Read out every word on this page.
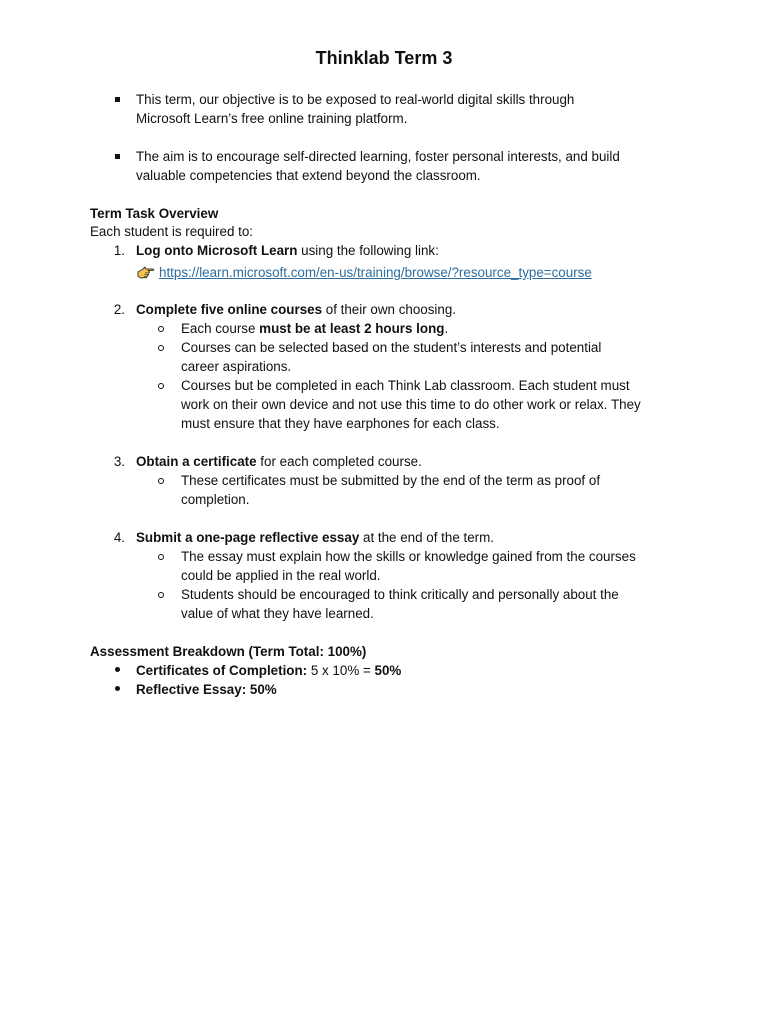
Thinklab Term 3
This term, our objective is to be exposed to real-world digital skills through
Microsoft Learn’s free online training platform.
The aim is to encourage self-directed learning, foster personal interests, and build
valuable competencies that extend beyond the classroom.
Term Task Overview
Each student is required to:
1. Log onto Microsoft Learn using the following link:
https://learn.microsoft.com/en-us/training/browse/?resource_type=course
2. Complete five online courses of their own choosing.
Each course must be at least 2 hours long.
Courses can be selected based on the student’s interests and potential
career aspirations.
Courses but be completed in each Think Lab classroom. Each student must
work on their own device and not use this time to do other work or relax. They
must ensure that they have earphones for each class.
3. Obtain a certificate for each completed course.
These certificates must be submitted by the end of the term as proof of
completion.
4. Submit a one-page reflective essay at the end of the term.
The essay must explain how the skills or knowledge gained from the courses
could be applied in the real world.
Students should be encouraged to think critically and personally about the
value of what they have learned.
Assessment Breakdown (Term Total: 100%)
Certificates of Completion: 5 x 10% = 50%
Reflective Essay: 50%
